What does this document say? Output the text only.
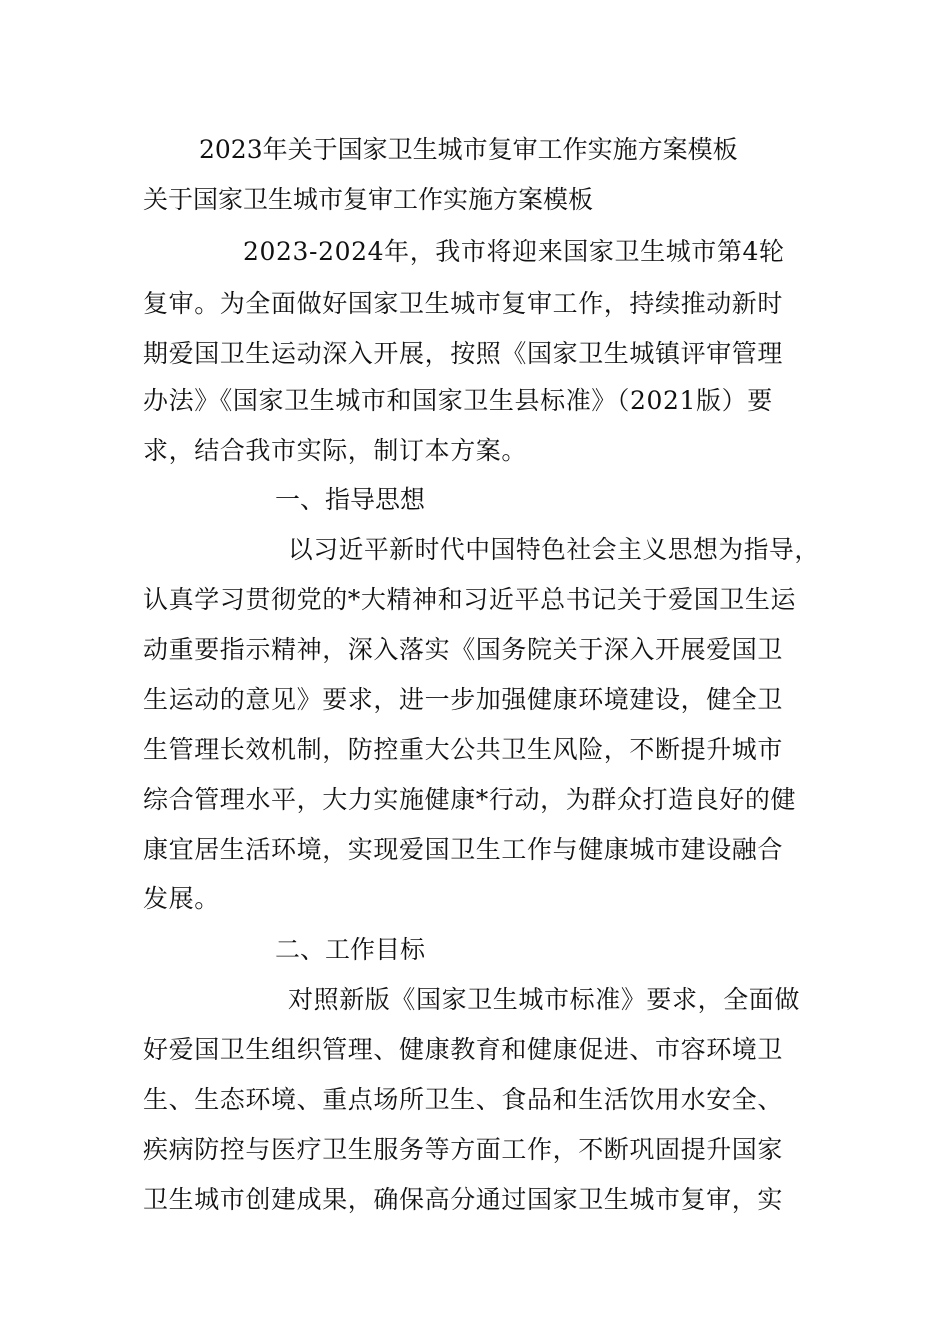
2023年关于国家卫生城市复审工作实施方案模板

关于国家卫生城市复审工作实施方案模板

2023-2024年，我市将迎来国家卫生城市第4轮

复审。为全面做好国家卫生城市复审工作，持续推动新时

期爱国卫生运动深入开展，按照《国家卫生城镇评审管理

办法》《国家卫生城市和国家卫生县标准》（2021版）要

求，结合我市实际，制订本方案。

一、指导思想

以习近平新时代中国特色社会主义思想为指导，

认真学习贯彻党的*大精神和习近平总书记关于爱国卫生运

动重要指示精神，深入落实《国务院关于深入开展爱国卫

生运动的意见》要求，进一步加强健康环境建设，健全卫

生管理长效机制，防控重大公共卫生风险，不断提升城市

综合管理水平，大力实施健康*行动，为群众打造良好的健

康宜居生活环境，实现爱国卫生工作与健康城市建设融合

发展。

二、工作目标

对照新版《国家卫生城市标准》要求，全面做

好爱国卫生组织管理、健康教育和健康促进、市容环境卫

生、生态环境、重点场所卫生、食品和生活饮用水安全、

疾病防控与医疗卫生服务等方面工作，不断巩固提升国家

卫生城市创建成果，确保高分通过国家卫生城市复审，实
